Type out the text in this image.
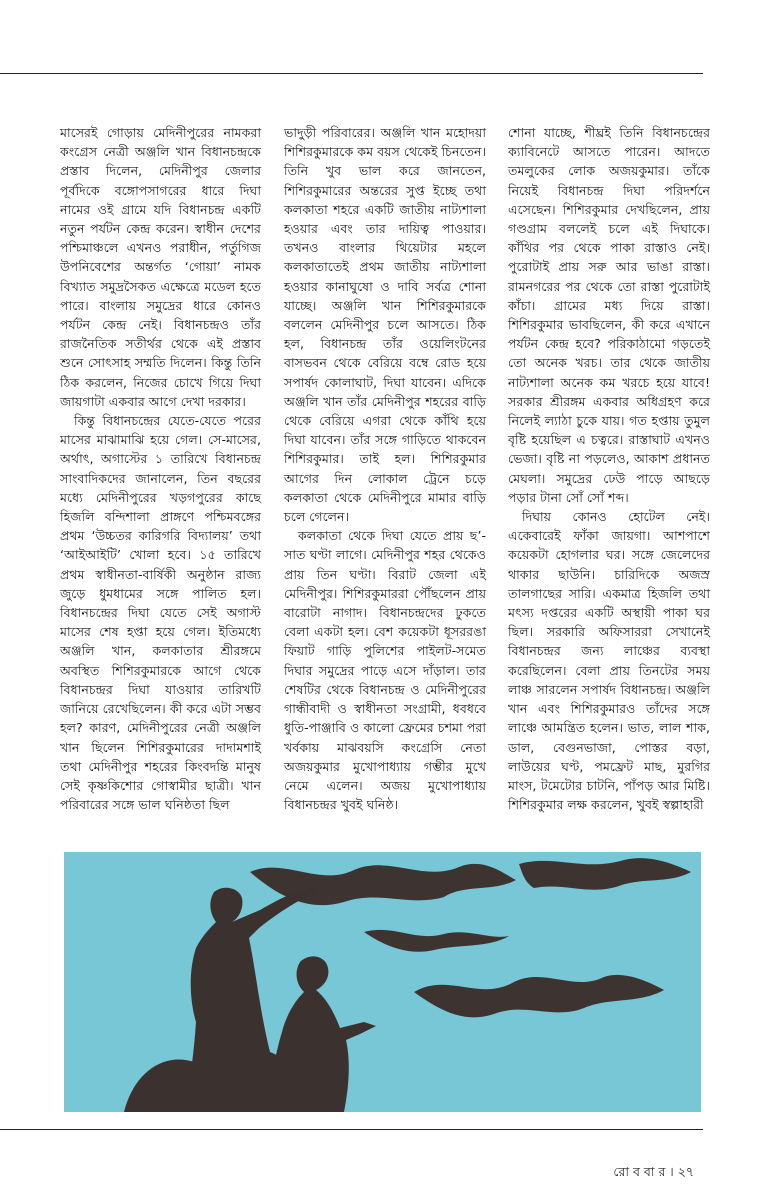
মাসেরই গোড়ায় মেদিনীপুরের নামকরা কংগ্রেস নেত্রী অঞ্জলি খান বিধানচন্দ্রকে প্রস্তাব দিলেন, মেদিনীপুর জেলার পূর্বদিকে বঙ্গোপসাগরের ধারে দিঘা নামের ওই গ্রামে যদি বিধানচন্দ্র একটি নতুন পর্যটন কেন্দ্র করেন। স্বাধীন দেশের পশ্চিমাঞ্চলে এখনও পরাধীন, পর্তুগিজ উপনিবেশের অন্তর্গত ‘গোয়া’ নামক বিখ্যাত সমুদ্রসৈকত এক্ষেত্রে মডেল হতে পারে। বাংলায় সমুদ্রের ধারে কোনও পর্যটন কেন্দ্র নেই। বিধানচন্দ্রও তাঁর রাজনৈতিক সতীর্থর থেকে এই প্রস্তাব শুনে সোৎসাহ সম্মতি দিলেন। কিন্তু তিনি ঠিক করলেন, নিজের চোখে গিয়ে দিঘা জায়গাটা একবার আগে দেখা দরকার।

কিন্তু বিধানচন্দ্রের যেতে-যেতে পরের মাসের মাঝামাঝি হয়ে গেল। সে-মাসের, অর্থাৎ, অগাস্টের ১ তারিখে বিধানচন্দ্র সাংবাদিকদের জানালেন, তিন বছরের মধ্যে মেদিনীপুরের খড়গপুরের কাছে হিজলি বন্দিশালা প্রাঙ্গণে পশ্চিমবঙ্গের প্রথম ‘উচ্চতর কারিগরি বিদ্যালয়’ তথা ‘আইআইটি’ খোলা হবে। ১৫ তারিখে প্রথম স্বাধীনতা-বার্ষিকী অনুষ্ঠান রাজ্য জুড়ে ধুমধামের সঙ্গে পালিত হল। বিধানচন্দ্রের দিঘা যেতে সেই অগাস্ট মাসের শেষ হপ্তা হয়ে গেল। ইতিমধ্যে অঞ্জলি খান, কলকাতার শ্রীরঙ্গমে অবস্থিত শিশিরকুমারকে আগে থেকে বিধানচন্দ্রর দিঘা যাওয়ার তারিখটি জানিয়ে রেখেছিলেন। কী করে এটা সম্ভব হল? কারণ, মেদিনীপুরের নেত্রী অঞ্জলি খান ছিলেন শিশিরকুমারের দাদামশাই তথা মেদিনীপুর শহরের কিংবদন্তি মানুষ সেই কৃষ্ণকিশোর গোস্বামীর ছাত্রী। খান পরিবারের সঙ্গে ভাল ঘনিষ্ঠতা ছিল

ভাদুড়ী পরিবারের। অঞ্জলি খান মহোদয়া শিশিরকুমারকে কম বয়স থেকেই চিনতেন। তিনি খুব ভাল করে জানতেন, শিশিরকুমারের অন্তরের সুপ্ত ইচ্ছে তথা কলকাতা শহরে একটি জাতীয় নাট্যশালা হওয়ার এবং তার দায়িত্ব পাওয়ার। তখনও বাংলার থিয়েটার মহলে কলকাতাতেই প্রথম জাতীয় নাট্যশালা হওয়ার কানাঘুষো ও দাবি সর্বত্র শোনা যাচ্ছে। অঞ্জলি খান শিশিরকুমারকে বললেন মেদিনীপুর চলে আসতে। ঠিক হল, বিধানচন্দ্র তাঁর ওয়েলিংটনের বাসভবন থেকে বেরিয়ে বম্বে রোড হয়ে সপার্ষদ কোলাঘাট, দিঘা যাবেন। এদিকে অঞ্জলি খান তাঁর মেদিনীপুর শহরের বাড়ি থেকে বেরিয়ে এগরা থেকে কাঁথি হয়ে দিঘা যাবেন। তাঁর সঙ্গে গাড়িতে থাকবেন শিশিরকুমার। তাই হল। শিশিরকুমার আগের দিন লোকাল ট্রেনে চড়ে কলকাতা থেকে মেদিনীপুরে মামার বাড়ি চলে গেলেন।

কলকাতা থেকে দিঘা যেতে প্রায় ছ’-সাত ঘণ্টা লাগে। মেদিনীপুর শহর থেকেও প্রায় তিন ঘণ্টা। বিরাট জেলা এই মেদিনীপুর। শিশিরকুমাররা পৌঁছলেন প্রায় বারোটা নাগাদ। বিধানচন্দ্রদের ঢুকতে বেলা একটা হল। বেশ কয়েকটা ধূসররঙা ফিয়াট গাড়ি পুলিশের পাইলট-সমেত দিঘার সমুদ্রের পাড়ে এসে দাঁড়াল। তার শেষটির থেকে বিধানচন্দ্র ও মেদিনীপুরের গান্ধীবাদী ও স্বাধীনতা সংগ্রামী, ধবধবে ধুতি-পাঞ্জাবি ও কালো ফ্রেমের চশমা পরা খর্বকায় মাঝবয়সি কংগ্রেসি নেতা অজয়কুমার মুখোপাধ্যায় গম্ভীর মুখে নেমে এলেন। অজয় মুখোপাধ্যায় বিধানচন্দ্রর খুবই ঘনিষ্ঠ।

শোনা যাচ্ছে, শীঘ্রই তিনি বিধানচন্দ্রের ক্যাবিনেটে আসতে পারেন। আদতে তমলুকের লোক অজয়কুমার। তাঁকে নিয়েই বিধানচন্দ্র দিঘা পরিদর্শনে এসেছেন। শিশিরকুমার দেখছিলেন, প্রায় গণ্ডগ্রাম বললেই চলে এই দিঘাকে। কাঁথির পর থেকে পাকা রাস্তাও নেই। পুরোটাই প্রায় সরু আর ভাঙা রাস্তা। রামনগরের পর থেকে তো রাস্তা পুরোটাই কাঁচা। গ্রামের মধ্য দিয়ে রাস্তা। শিশিরকুমার ভাবছিলেন, কী করে এখানে পর্যটন কেন্দ্র হবে? পরিকাঠামো গড়তেই তো অনেক খরচ। তার থেকে জাতীয় নাট্যশালা অনেক কম খরচে হয়ে যাবে! সরকার শ্রীরঙ্গম একবার অধিগ্রহণ করে নিলেই ল্যাঠা চুকে যায়। গত হপ্তায় তুমুল বৃষ্টি হয়েছিল এ চত্বরে। রাস্তাঘাট এখনও ভেজা। বৃষ্টি না পড়লেও, আকাশ প্রধানত মেঘলা। সমুদ্রের ঢেউ পাড়ে আছড়ে পড়ার টানা সোঁ সোঁ শব্দ।

দিঘায় কোনও হোটেল নেই। একেবারেই ফাঁকা জায়গা। আশপাশে কয়েকটা হোগলার ঘর। সঙ্গে জেলেদের থাকার ছাউনি। চারিদিকে অজস্র তালগাছের সারি। একমাত্র হিজলি তথা মৎস্য দপ্তরের একটি অস্থায়ী পাকা ঘর ছিল। সরকারি অফিসাররা সেখানেই বিধানচন্দ্রর জন্য লাঞ্চের ব্যবস্থা করেছিলেন। বেলা প্রায় তিনটের সময় লাঞ্চ সারলেন সপার্ষদ বিধানচন্দ্র। অঞ্জলি খান এবং শিশিরকুমারও তাঁদের সঙ্গে লাঞ্চে আমন্ত্রিত হলেন। ভাত, লাল শাক, ডাল, বেগুনভাজা, পোস্তর বড়া, লাউয়ের ঘণ্ট, পমফ্রেট মাছ, মুরগির মাংস, টমেটোর চাটনি, পাঁপড় আর মিষ্টি। শিশিরকুমার লক্ষ করলেন, খুবই স্বল্পাহারী

রো ব বা র । ২৭
